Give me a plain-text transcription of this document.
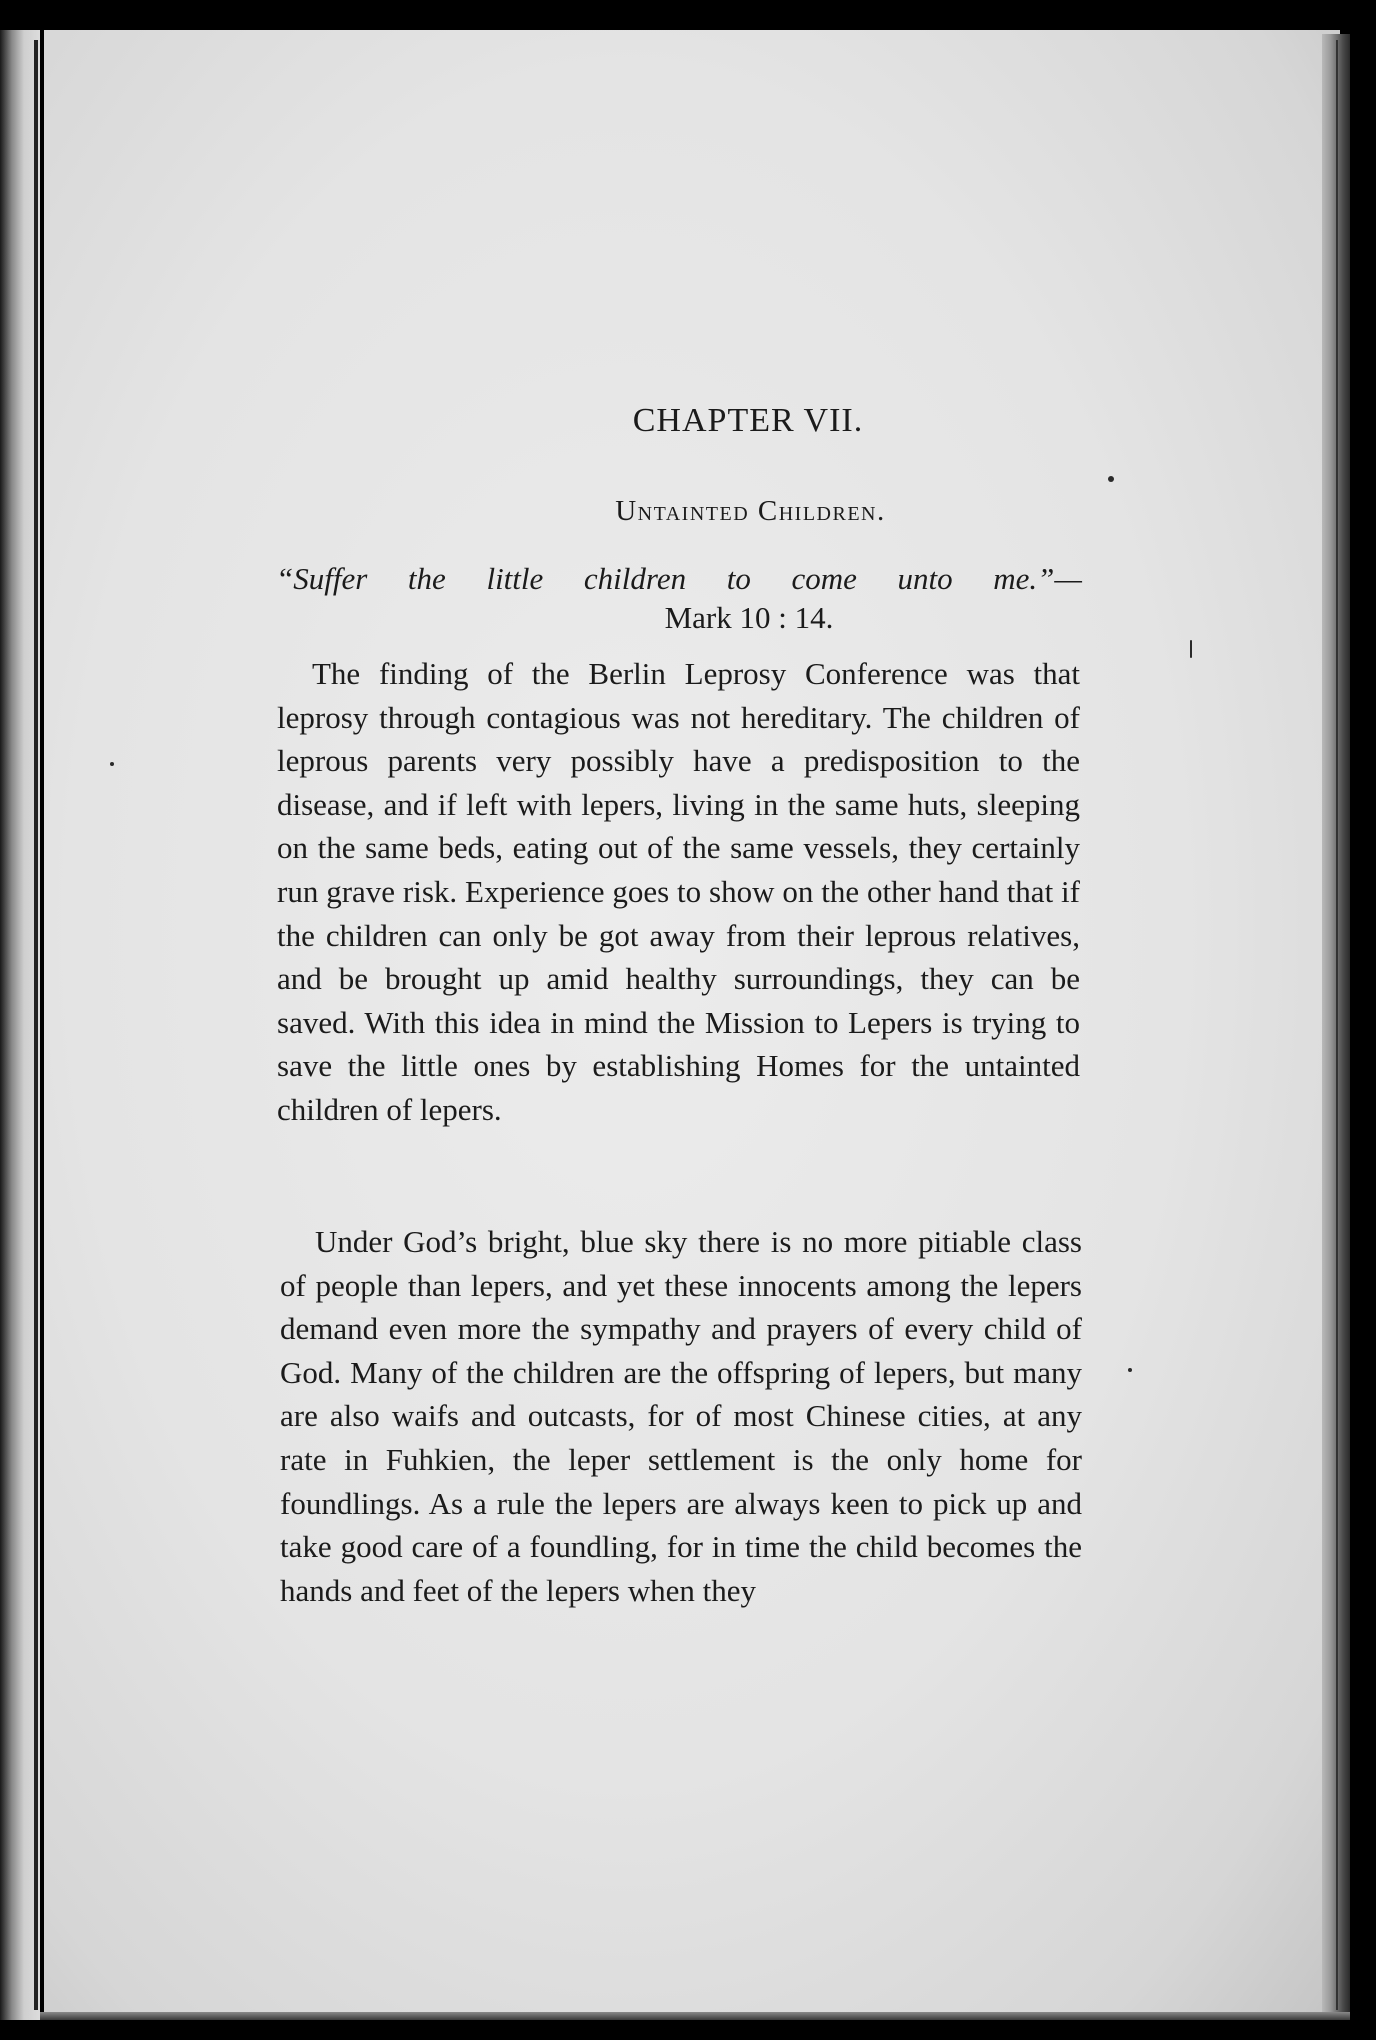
CHAPTER VII.
Untainted Children.
“Suffer the little children to come unto me.”—
Mark 10 : 14.

The finding of the Berlin Leprosy Conference was that leprosy through contagious was not hereditary. The children of leprous parents very possibly have a predisposition to the disease, and if left with lepers, living in the same huts, sleeping on the same beds, eating out of the same vessels, they certainly run grave risk. Experience goes to show on the other hand that if the children can only be got away from their leprous relatives, and be brought up amid healthy surroundings, they can be saved. With this idea in mind the Mission to Lepers is trying to save the little ones by establishing Homes for the untainted children of lepers.

Under God’s bright, blue sky there is no more pitiable class of people than lepers, and yet these innocents among the lepers demand even more the sympathy and prayers of every child of God. Many of the children are the offspring of lepers, but many are also waifs and outcasts, for of most Chinese cities, at any rate in Fuhkien, the leper settlement is the only home for foundlings. As a rule the lepers are always keen to pick up and take good care of a foundling, for in time the child becomes the hands and feet of the lepers when they
